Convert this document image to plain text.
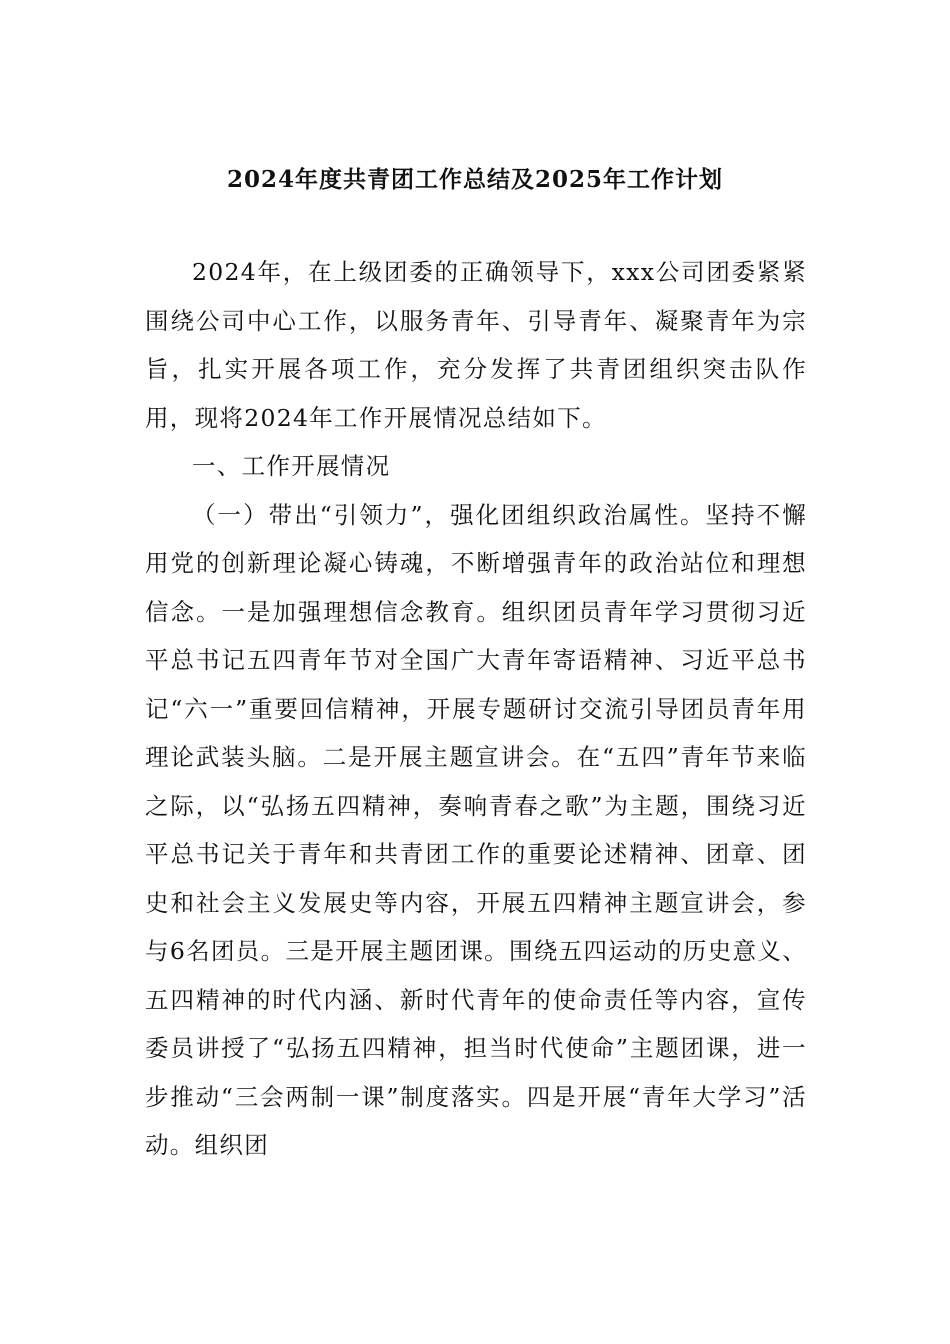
2024年度共青团工作总结及2025年工作计划

2024年，在上级团委的正确领导下，xxx公司团委紧紧围绕公司中心工作，以服务青年、引导青年、凝聚青年为宗旨，扎实开展各项工作，充分发挥了共青团组织突击队作用，现将2024年工作开展情况总结如下。

一、工作开展情况

（一）带出“引领力”，强化团组织政治属性。坚持不懈用党的创新理论凝心铸魂，不断增强青年的政治站位和理想信念。一是加强理想信念教育。组织团员青年学习贯彻习近平总书记五四青年节对全国广大青年寄语精神、习近平总书记“六一”重要回信精神，开展专题研讨交流引导团员青年用理论武装头脑。二是开展主题宣讲会。在“五四”青年节来临之际，以“弘扬五四精神，奏响青春之歌”为主题，围绕习近平总书记关于青年和共青团工作的重要论述精神、团章、团史和社会主义发展史等内容，开展五四精神主题宣讲会，参与6名团员。三是开展主题团课。围绕五四运动的历史意义、五四精神的时代内涵、新时代青年的使命责任等内容，宣传委员讲授了“弘扬五四精神，担当时代使命”主题团课，进一步推动“三会两制一课”制度落实。四是开展“青年大学习”活动。组织团
